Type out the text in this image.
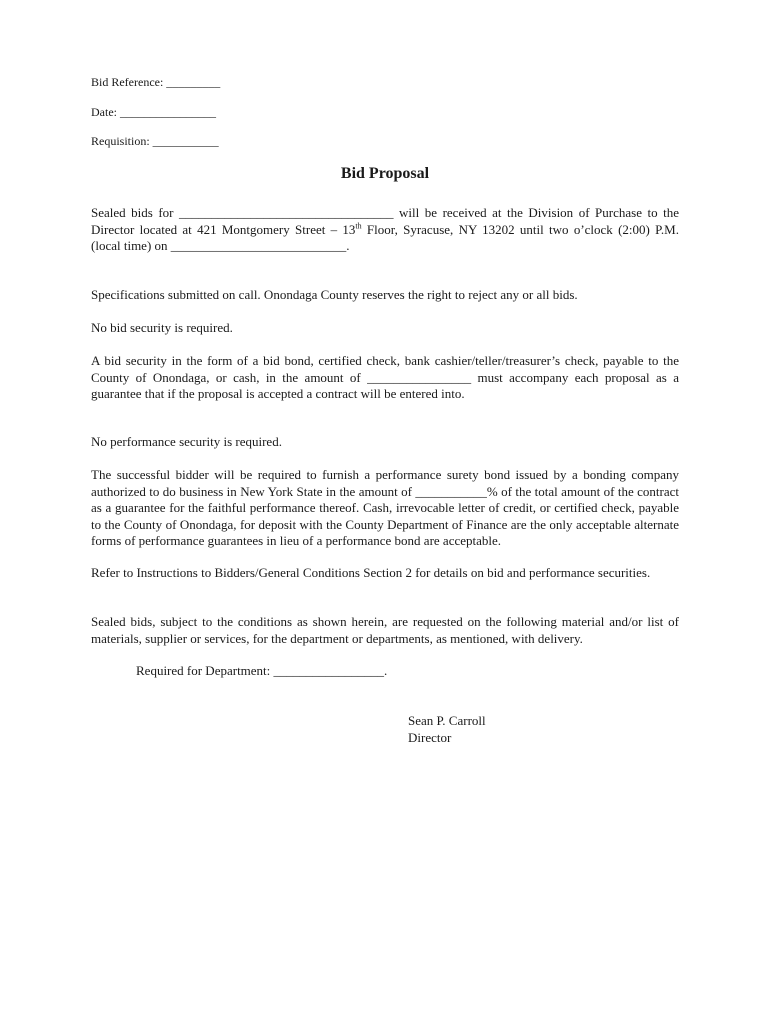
Bid Reference: _________
Date: ________________
Requisition: ___________
Bid Proposal
Sealed bids for _________________________________ will be received at the Division of Purchase to the Director located at 421 Montgomery Street – 13th Floor, Syracuse, NY 13202 until two o’clock (2:00) P.M. (local time) on ___________________________.
Specifications submitted on call. Onondaga County reserves the right to reject any or all bids.
No bid security is required.
A bid security in the form of a bid bond, certified check, bank cashier/teller/treasurer’s check, payable to the County of Onondaga, or cash, in the amount of ________________ must accompany each proposal as a guarantee that if the proposal is accepted a contract will be entered into.
No performance security is required.
The successful bidder will be required to furnish a performance surety bond issued by a bonding company authorized to do business in New York State in the amount of ___________% of the total amount of the contract as a guarantee for the faithful performance thereof. Cash, irrevocable letter of credit, or certified check, payable to the County of Onondaga, for deposit with the County Department of Finance are the only acceptable alternate forms of performance guarantees in lieu of a performance bond are acceptable.
Refer to Instructions to Bidders/General Conditions Section 2 for details on bid and performance securities.
Sealed bids, subject to the conditions as shown herein, are requested on the following material and/or list of materials, supplier or services, for the department or departments, as mentioned, with delivery.
Required for Department: _________________.
Sean P. Carroll
Director
